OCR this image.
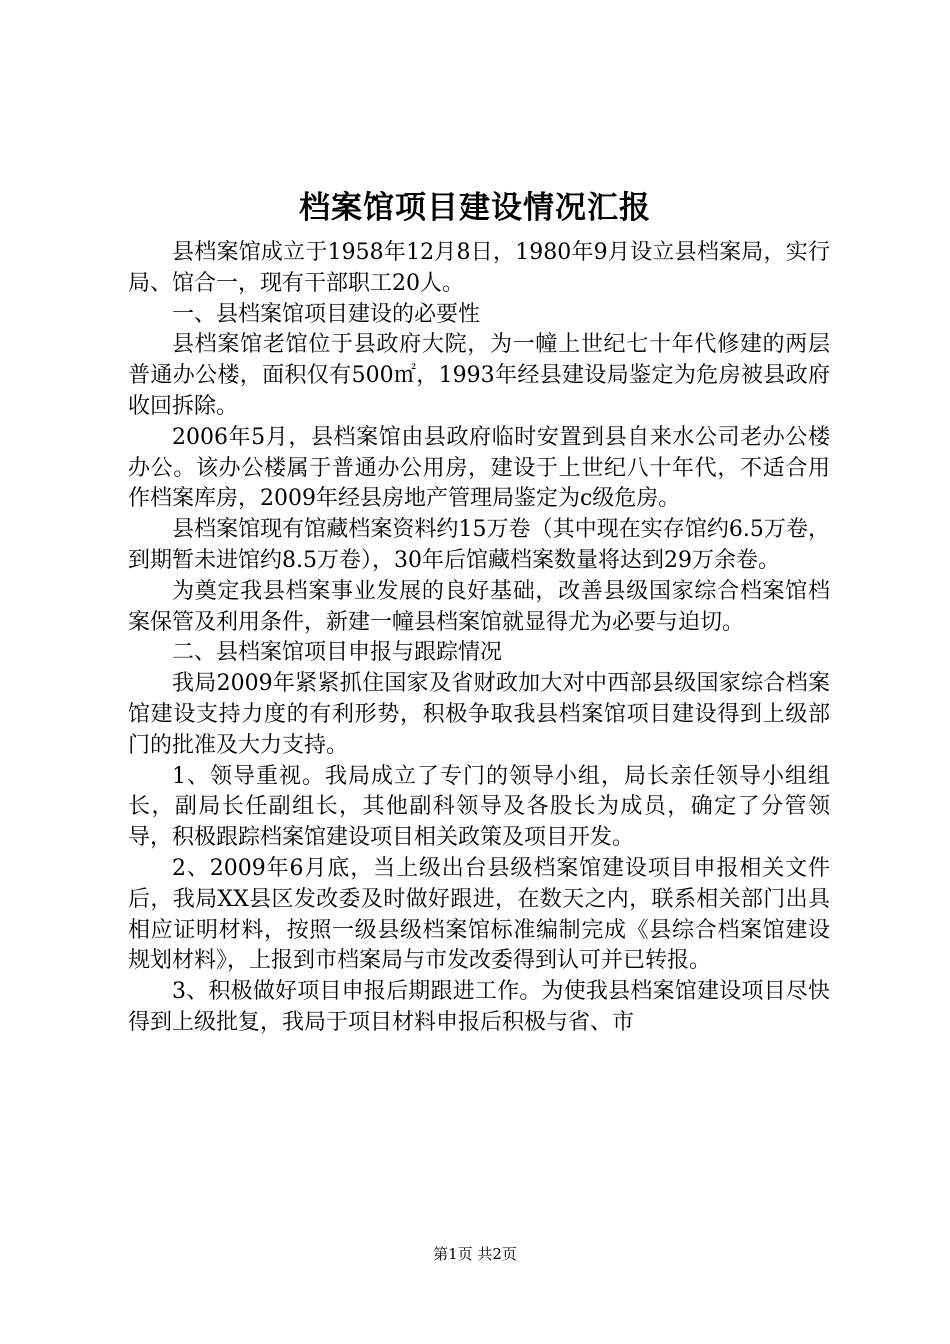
档案馆项目建设情况汇报

县档案馆成立于1958年12月8日，1980年9月设立县档案局，实行局、馆合一，现有干部职工20人。

一、县档案馆项目建设的必要性

县档案馆老馆位于县政府大院，为一幢上世纪七十年代修建的两层普通办公楼，面积仅有500㎡，1993年经县建设局鉴定为危房被县政府收回拆除。

2006年5月，县档案馆由县政府临时安置到县自来水公司老办公楼办公。该办公楼属于普通办公用房，建设于上世纪八十年代，不适合用作档案库房，2009年经县房地产管理局鉴定为c级危房。

县档案馆现有馆藏档案资料约15万卷（其中现在实存馆约6.5万卷，到期暂未进馆约8.5万卷），30年后馆藏档案数量将达到29万余卷。

为奠定我县档案事业发展的良好基础，改善县级国家综合档案馆档案保管及利用条件，新建一幢县档案馆就显得尤为必要与迫切。

二、县档案馆项目申报与跟踪情况

我局2009年紧紧抓住国家及省财政加大对中西部县级国家综合档案馆建设支持力度的有利形势，积极争取我县档案馆项目建设得到上级部门的批准及大力支持。

1、领导重视。我局成立了专门的领导小组，局长亲任领导小组组长，副局长任副组长，其他副科领导及各股长为成员，确定了分管领导，积极跟踪档案馆建设项目相关政策及项目开发。

2、2009年6月底，当上级出台县级档案馆建设项目申报相关文件后，我局XX县区发改委及时做好跟进，在数天之内，联系相关部门出具相应证明材料，按照一级县级档案馆标准编制完成《县综合档案馆建设规划材料》，上报到市档案局与市发改委得到认可并已转报。

3、积极做好项目申报后期跟进工作。为使我县档案馆建设项目尽快得到上级批复，我局于项目材料申报后积极与省、市

第1页 共2页
